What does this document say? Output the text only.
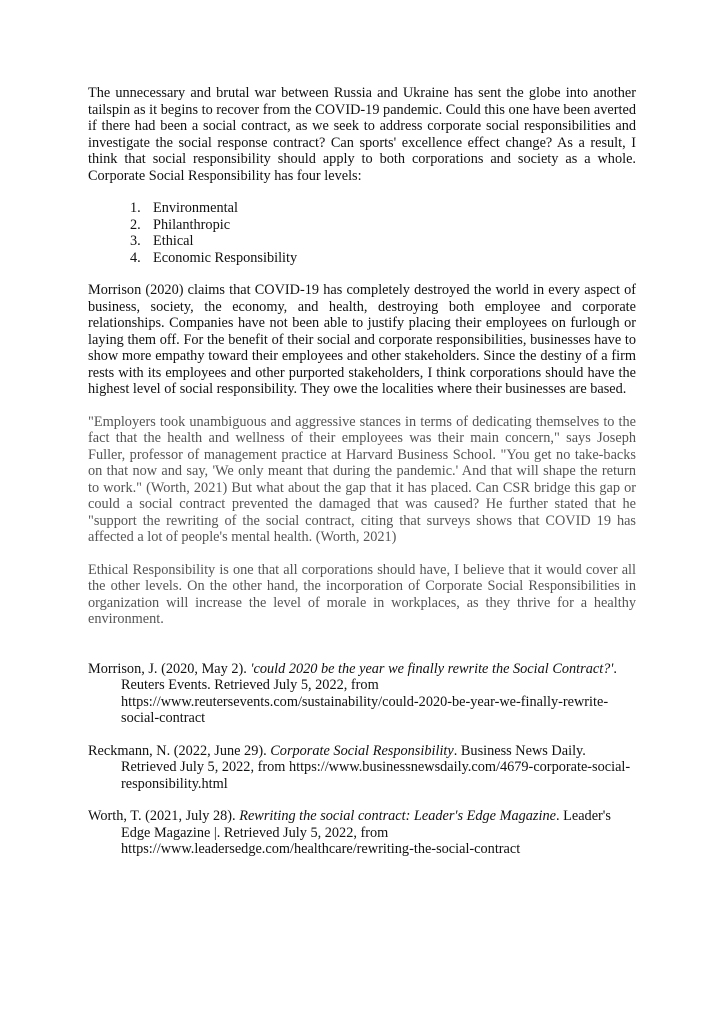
The unnecessary and brutal war between Russia and Ukraine has sent the globe into another tailspin as it begins to recover from the COVID-19 pandemic. Could this one have been averted if there had been a social contract, as we seek to address corporate social responsibilities and investigate the social response contract? Can sports' excellence effect change? As a result, I think that social responsibility should apply to both corporations and society as a whole. Corporate Social Responsibility has four levels:

1. Environmental
2. Philanthropic
3. Ethical
4. Economic Responsibility

Morrison (2020) claims that COVID-19 has completely destroyed the world in every aspect of business, society, the economy, and health, destroying both employee and corporate relationships. Companies have not been able to justify placing their employees on furlough or laying them off. For the benefit of their social and corporate responsibilities, businesses have to show more empathy toward their employees and other stakeholders. Since the destiny of a firm rests with its employees and other purported stakeholders, I think corporations should have the highest level of social responsibility. They owe the localities where their businesses are based.

"Employers took unambiguous and aggressive stances in terms of dedicating themselves to the fact that the health and wellness of their employees was their main concern," says Joseph Fuller, professor of management practice at Harvard Business School. "You get no take-backs on that now and say, 'We only meant that during the pandemic.' And that will shape the return to work." (Worth, 2021) But what about the gap that it has placed. Can CSR bridge this gap or could a social contract prevented the damaged that was caused? He further stated that he "support the rewriting of the social contract, citing that surveys shows that COVID 19 has affected a lot of people's mental health. (Worth, 2021)

Ethical Responsibility is one that all corporations should have, I believe that it would cover all the other levels. On the other hand, the incorporation of Corporate Social Responsibilities in organization will increase the level of morale in workplaces, as they thrive for a healthy environment.

Morrison, J. (2020, May 2). 'could 2020 be the year we finally rewrite the Social Contract?'. Reuters Events. Retrieved July 5, 2022, from https://www.reutersevents.com/sustainability/could-2020-be-year-we-finally-rewrite-social-contract

Reckmann, N. (2022, June 29). Corporate Social Responsibility. Business News Daily. Retrieved July 5, 2022, from https://www.businessnewsdaily.com/4679-corporate-social-responsibility.html

Worth, T. (2021, July 28). Rewriting the social contract: Leader's Edge Magazine. Leader's Edge Magazine |. Retrieved July 5, 2022, from https://www.leadersedge.com/healthcare/rewriting-the-social-contract
